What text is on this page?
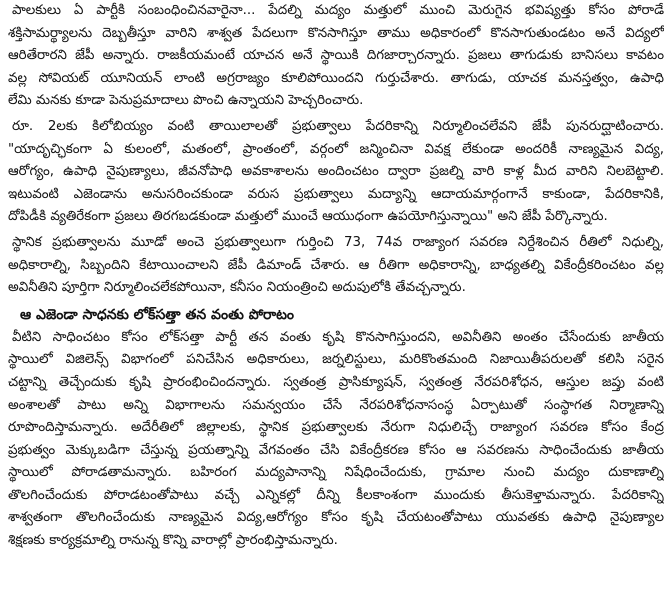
పాలకులు ఏ పార్టీకి సంబంధించినవారైనా... పేదల్ని మద్యం మత్తులో ముంచి మెరుగైన భవిష్యత్తు కోసం పోరాడే
శక్తిసామర్థ్యాలను దెబ్బతీస్తూ వారిని శాశ్వత పేదలుగా కొనసాగిస్తూ తాము అధికారంలో కొనసాగుతుండటం అనే విద్యలో
ఆరితేరారని జేపీ అన్నారు. రాజకీయమంటే యాచన అనే స్థాయికి దిగజార్చారన్నారు. ప్రజలు తాగుడుకు బానిసలు కావటం
వల్ల సోవియట్ యూనియన్ లాంటి అగ్రరాజ్యం కూలిపోయిందని గుర్తుచేశారు. తాగుడు, యాచక మనస్తత్వం, ఉపాధి
లేమి మనకు కూడా పెనుప్రమాదాలు పొంచి ఉన్నాయని హెచ్చరించారు.
రూ. 2లకు కిలోబియ్యం వంటి తాయిలాలతో ప్రభుత్వాలు పేదరికాన్ని నిర్మూలించలేవని జేపీ పునరుద్ఘాటించారు.
"యాదృచ్ఛికంగా ఏ కులంలో, మతంలో, ప్రాంతంలో, వర్గంలో జన్మించినా వివక్ష లేకుండా అందరికీ నాణ్యమైన విద్య,
ఆరోగ్యం, ఉపాధి నైపుణ్యాలు, జీవనోపాధి అవకాశాలను అందించటం ద్వారా ప్రజల్ని వారి కాళ్ల మీద వారిని నిలబెట్టాలి.
ఇటువంటి ఎజెండాను అనుసరించకుండా వరుస ప్రభుత్వాలు మద్యాన్ని ఆదాయమార్గంగానే కాకుండా, పేదరికానికి,
దోపిడీకి వ్యతిరేకంగా ప్రజలు తిరగబడకుండా మత్తులో ముంచే ఆయుధంగా ఉపయోగిస్తున్నాయి" అని జేపీ పేర్కొన్నారు.
స్థానిక ప్రభుత్వాలను మూడో అంచె ప్రభుత్వాలుగా గుర్తించి 73, 74వ రాజ్యాంగ సవరణ నిర్దేశించిన రీతిలో నిధుల్ని,
అధికారాల్ని, సిబ్బందిని కేటాయించాలని జేపీ డిమాండ్ చేశారు. ఆ రీతిగా అధికారాన్ని, బాధ్యతల్ని వికేంద్రీకరించటం వల్ల
అవినీతిని పూర్తిగా నిర్మూలించలేకపోయినా, కనీసం నియంత్రించి అదుపులోకి తేవచ్చన్నారు.
ఆ ఎజెండా సాధనకు లోక్‌సత్తా తన వంతు పోరాటం
వీటిని సాధించటం కోసం లోక్‌సత్తా పార్టీ తన వంతు కృషి కొనసాగిస్తుందని, అవినీతిని అంతం చేసేందుకు జాతీయ
స్థాయిలో విజిలెన్స్ విభాగంలో పనిచేసిన అధికారులు, జర్నలిస్టులు, మరికొంతమంది నిజాయితీపరులతో కలిసి సరైన
చట్టాన్ని తెచ్చేందుకు కృషి ప్రారంభించిందన్నారు. స్వతంత్ర ప్రాసిక్యూషన్, స్వతంత్ర నేరపరిశోధన, ఆస్తుల జప్తు వంటి
అంశాలతో పాటు అన్ని విభాగాలను సమన్వయం చేసే నేరపరిశోధనాసంస్థ ఏర్పాటుతో సంస్థాగత నిర్మాణాన్ని
రూపొందిస్తామన్నారు. అదేరీతిలో జిల్లాలకు, స్థానిక ప్రభుత్వాలకు నేరుగా నిధులిచ్చే రాజ్యాంగ సవరణ కోసం కేంద్ర
ప్రభుత్వం మెక్కుబడిగా చేస్తున్న ప్రయత్నాన్ని వేగవంతం చేసి వికేంద్రీకరణ కోసం ఆ సవరణను సాధించేందుకు జాతీయ
స్థాయిలో పోరాడతామన్నారు. బహిరంగ మద్యపానాన్ని నిషేధించేందుకు, గ్రామాల నుంచి మద్యం దుకాణాల్ని
తొలగించేందుకు పోరాడటంతోపాటు వచ్చే ఎన్నికల్లో దీన్ని కీలకాంశంగా ముందుకు తీసుకెళ్తామన్నారు. పేదరికాన్ని
శాశ్వతంగా తొలగించేందుకు నాణ్యమైన విద్య,ఆరోగ్యం కోసం కృషి చేయటంతోపాటు యువతకు ఉపాధి నైపుణ్యాల
శిక్షణకు కార్యక్రమాల్ని రానున్న కొన్ని వారాల్లో ప్రారంభిస్తామన్నారు.
